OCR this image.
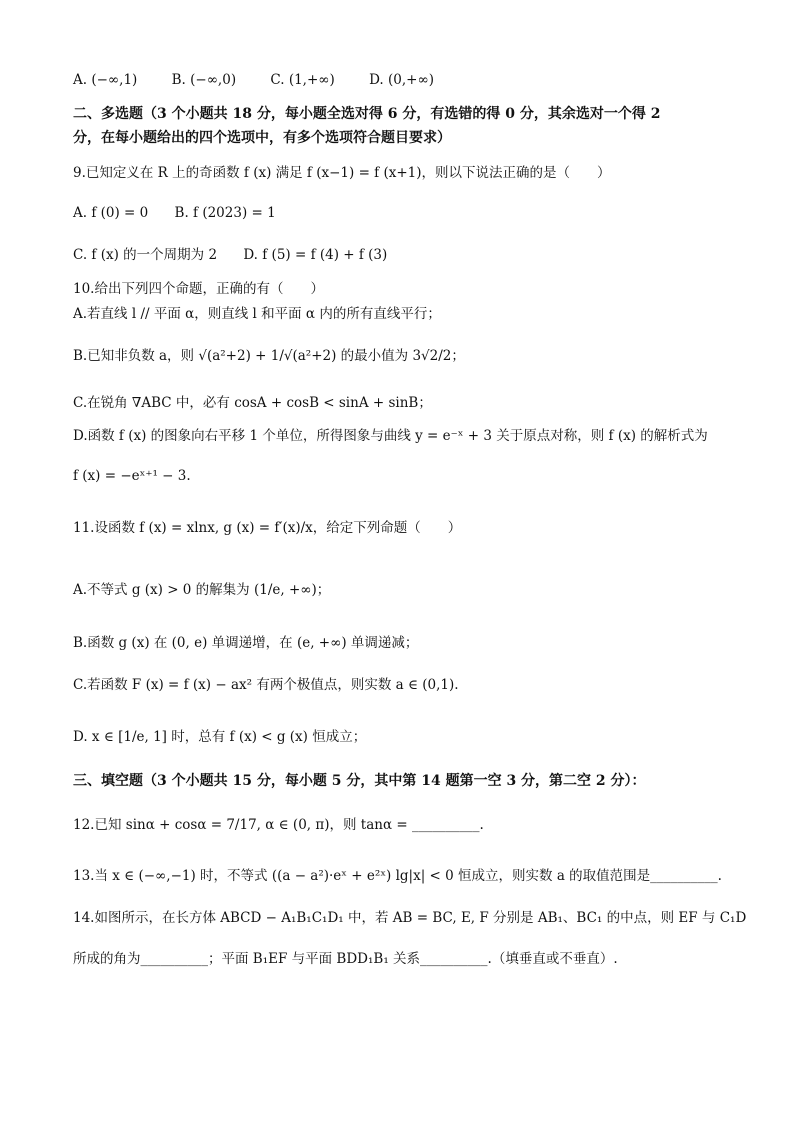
A. (−∞,1)	B. (−∞,0)	C. (1,+∞)	D. (0,+∞)
二、多选题（3 个小题共 18 分，每小题全选对得 6 分，有选错的得 0 分，其余选对一个得 2
分，在每小题给出的四个选项中，有多个选项符合题目要求）
9.已知定义在 R 上的奇函数 f (x) 满足 f (x−1) = f (x+1)，则以下说法正确的是（　　）
A. f (0) = 0 B. f (2023) = 1
C. f (x) 的一个周期为 2 D. f (5) = f (4) + f (3)
10.给出下列四个命题，正确的有（　　）
A.若直线 l // 平面 α，则直线 l 和平面 α 内的所有直线平行；
B.已知非负数 a，则 √(a²+2) + 1/√(a²+2) 的最小值为 3√2/2；
C.在锐角 ∇ABC 中，必有 cosA + cosB < sinA + sinB；
D.函数 f (x) 的图象向右平移 1 个单位，所得图象与曲线 y = e⁻ˣ + 3 关于原点对称，则 f (x) 的解析式为
f (x) = −eˣ⁺¹ − 3.
11.设函数 f (x) = xlnx, g (x) = f′(x)/x，给定下列命题（　　）
A.不等式 g (x) > 0 的解集为 (1/e, +∞)；
B.函数 g (x) 在 (0, e) 单调递增，在 (e, +∞) 单调递减；
C.若函数 F (x) = f (x) − ax² 有两个极值点，则实数 a ∈ (0,1).
D. x ∈ [1/e, 1] 时，总有 f (x) < g (x) 恒成立；
三、填空题（3 个小题共 15 分，每小题 5 分，其中第 14 题第一空 3 分，第二空 2 分）：
12.已知 sinα + cosα = 7/17, α ∈ (0, π)，则 tanα = __________.
13.当 x ∈ (−∞,−1) 时，不等式 ((a − a²)·eˣ + e²ˣ) lg|x| < 0 恒成立，则实数 a 的取值范围是__________.
14.如图所示，在长方体 ABCD − A₁B₁C₁D₁ 中，若 AB = BC, E, F 分别是 AB₁、BC₁ 的中点，则 EF 与 C₁D
所成的角为__________；平面 B₁EF 与平面 BDD₁B₁ 关系__________.（填垂直或不垂直）.
